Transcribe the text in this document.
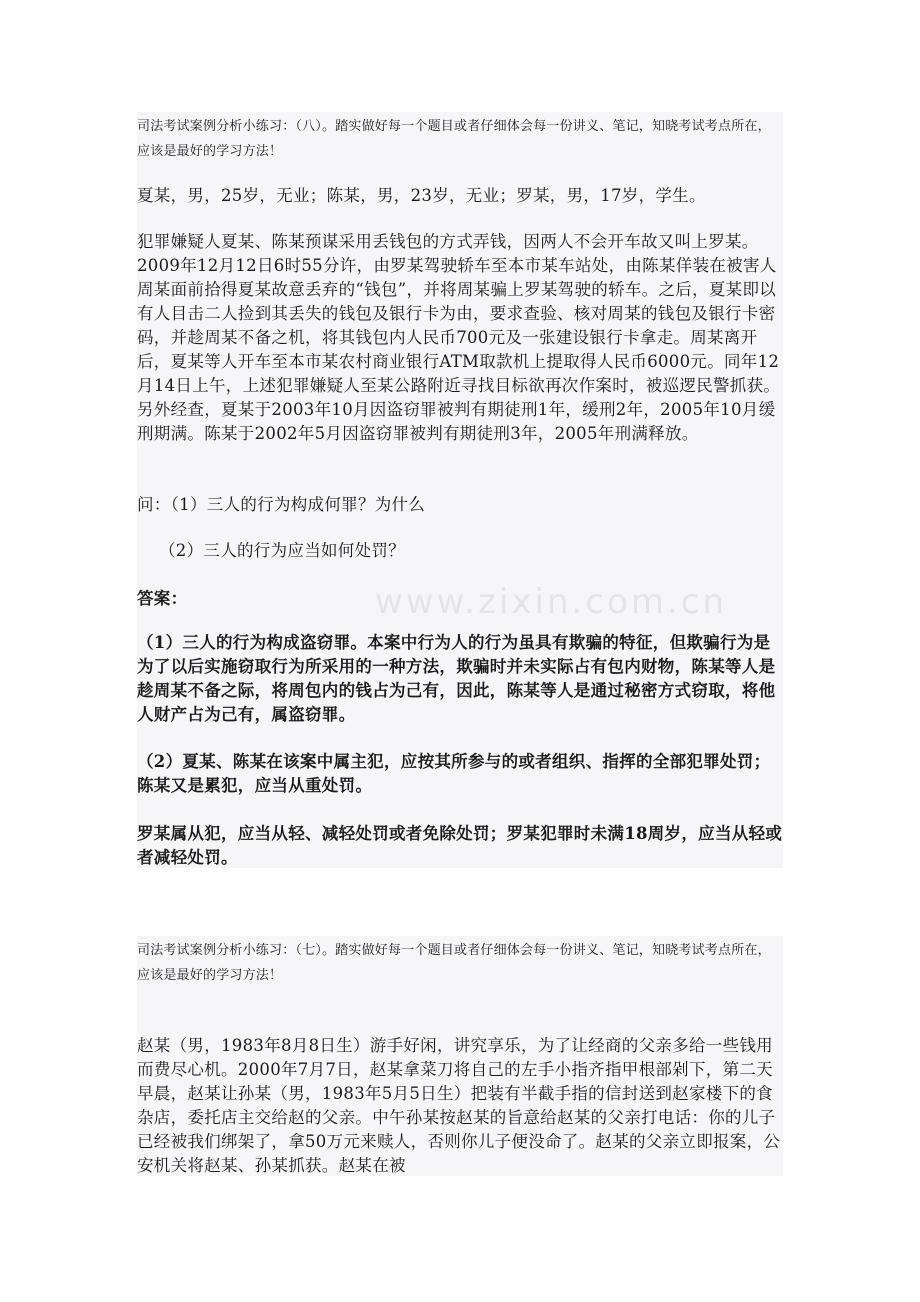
司法考试案例分析小练习：（八）。踏实做好每一个题目或者仔细体会每一份讲义、笔记，知晓考试考点所在，应该是最好的学习方法！

夏某，男，25岁，无业；陈某，男，23岁，无业；罗某，男，17岁，学生。

犯罪嫌疑人夏某、陈某预谋采用丢钱包的方式弄钱，因两人不会开车故又叫上罗某。2009年12月12日6时55分许，由罗某驾驶轿车至本市某车站处，由陈某佯装在被害人周某面前拾得夏某故意丢弃的“钱包”，并将周某骗上罗某驾驶的轿车。之后，夏某即以有人目击二人捡到其丢失的钱包及银行卡为由，要求查验、核对周某的钱包及银行卡密码，并趁周某不备之机，将其钱包内人民币700元及一张建设银行卡拿走。周某离开后，夏某等人开车至本市某农村商业银行ATM取款机上提取得人民币6000元。同年12月14日上午，上述犯罪嫌疑人至某公路附近寻找目标欲再次作案时，被巡逻民警抓获。另外经查，夏某于2003年10月因盗窃罪被判有期徒刑1年，缓刑2年，2005年10月缓刑期满。陈某于2002年5月因盗窃罪被判有期徒刑3年，2005年刑满释放。

问：（1）三人的行为构成何罪？为什么

（2）三人的行为应当如何处罚？

答案：

（1）三人的行为构成盗窃罪。本案中行为人的行为虽具有欺骗的特征，但欺骗行为是为了以后实施窃取行为所采用的一种方法，欺骗时并未实际占有包内财物，陈某等人是趁周某不备之际，将周包内的钱占为己有，因此，陈某等人是通过秘密方式窃取，将他人财产占为己有，属盗窃罪。

（2）夏某、陈某在该案中属主犯，应按其所参与的或者组织、指挥的全部犯罪处罚；陈某又是累犯，应当从重处罚。

罗某属从犯，应当从轻、减轻处罚或者免除处罚；罗某犯罪时未满18周岁，应当从轻或者减轻处罚。

司法考试案例分析小练习：（七）。踏实做好每一个题目或者仔细体会每一份讲义、笔记，知晓考试考点所在，应该是最好的学习方法！

赵某（男，1983年8月8日生）游手好闲，讲究享乐，为了让经商的父亲多给一些钱用而费尽心机。2000年7月7日，赵某拿菜刀将自己的左手小指齐指甲根部剁下，第二天早晨，赵某让孙某（男，1983年5月5日生）把装有半截手指的信封送到赵家楼下的食杂店，委托店主交给赵的父亲。中午孙某按赵某的旨意给赵某的父亲打电话：你的儿子已经被我们绑架了，拿50万元来赎人，否则你儿子便没命了。赵某的父亲立即报案，公安机关将赵某、孙某抓获。赵某在被
